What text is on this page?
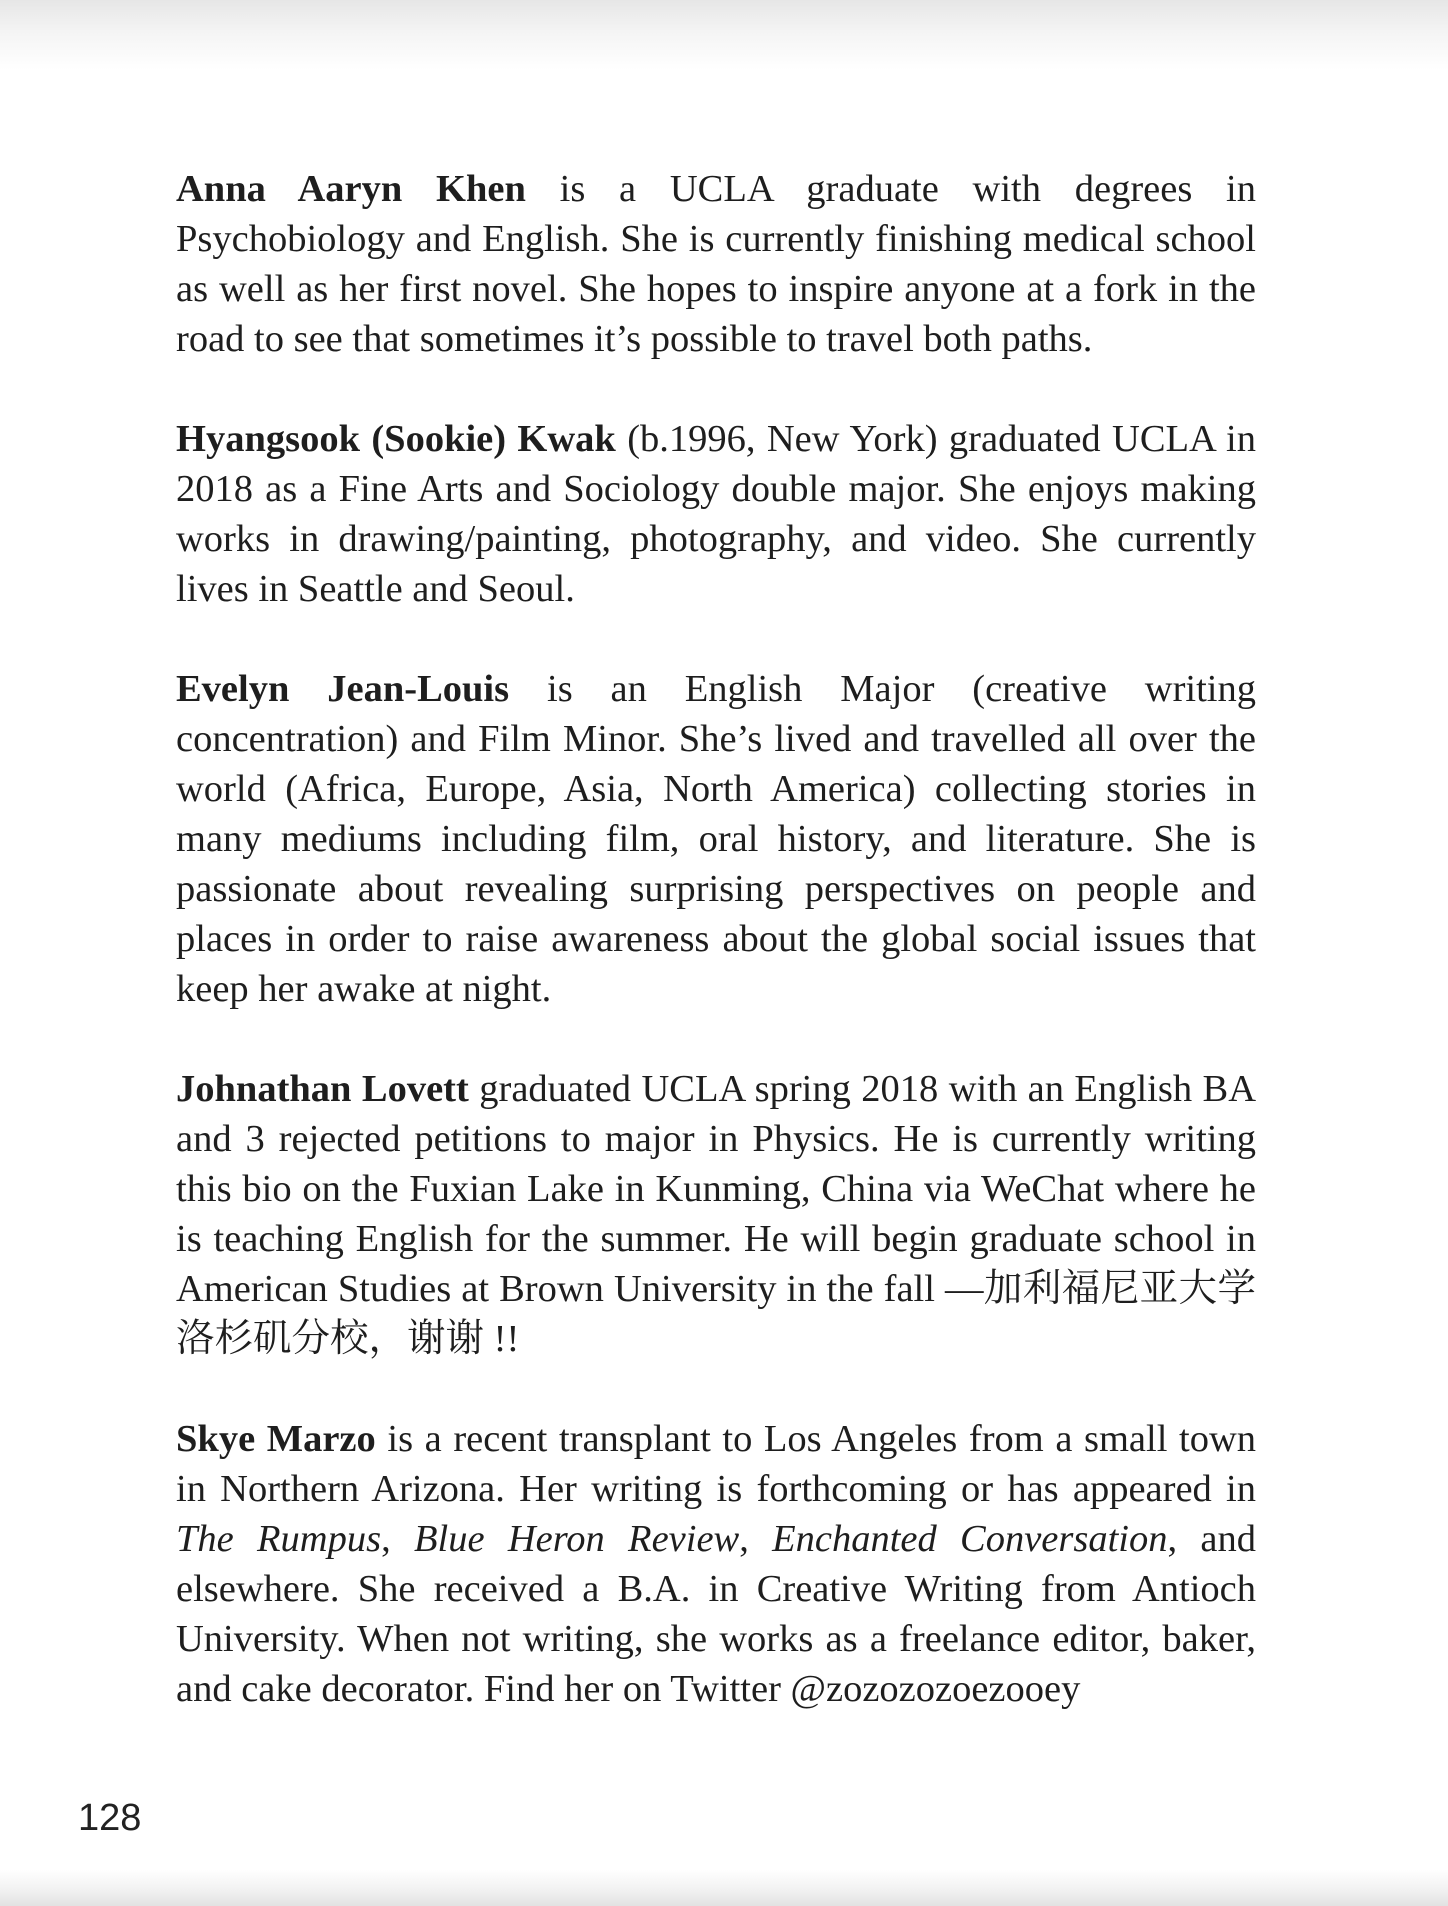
Anna Aaryn Khen is a UCLA graduate with degrees in Psychobiology and English. She is currently finishing medical school as well as her first novel. She hopes to inspire anyone at a fork in the road to see that sometimes it’s possible to travel both paths.

Hyangsook (Sookie) Kwak (b.1996, New York) graduated UCLA in 2018 as a Fine Arts and Sociology double major. She enjoys making works in drawing/painting, photography, and video. She currently lives in Seattle and Seoul.

Evelyn Jean-Louis is an English Major (creative writing concentration) and Film Minor. She’s lived and travelled all over the world (Africa, Europe, Asia, North America) collecting stories in many mediums including film, oral history, and literature. She is passionate about revealing surprising perspectives on people and places in order to raise awareness about the global social issues that keep her awake at night.

Johnathan Lovett graduated UCLA spring 2018 with an English BA and 3 rejected petitions to major in Physics. He is currently writing this bio on the Fuxian Lake in Kunming, China via WeChat where he is teaching English for the summer. He will begin graduate school in American Studies at Brown University in the fall —加利福尼亚大学洛杉矶分校，谢谢 !!

Skye Marzo is a recent transplant to Los Angeles from a small town in Northern Arizona. Her writing is forthcoming or has appeared in The Rumpus, Blue Heron Review, Enchanted Conversation, and elsewhere. She received a B.A. in Creative Writing from Antioch University. When not writing, she works as a freelance editor, baker, and cake decorator. Find her on Twitter @zozozozoezooey

128
